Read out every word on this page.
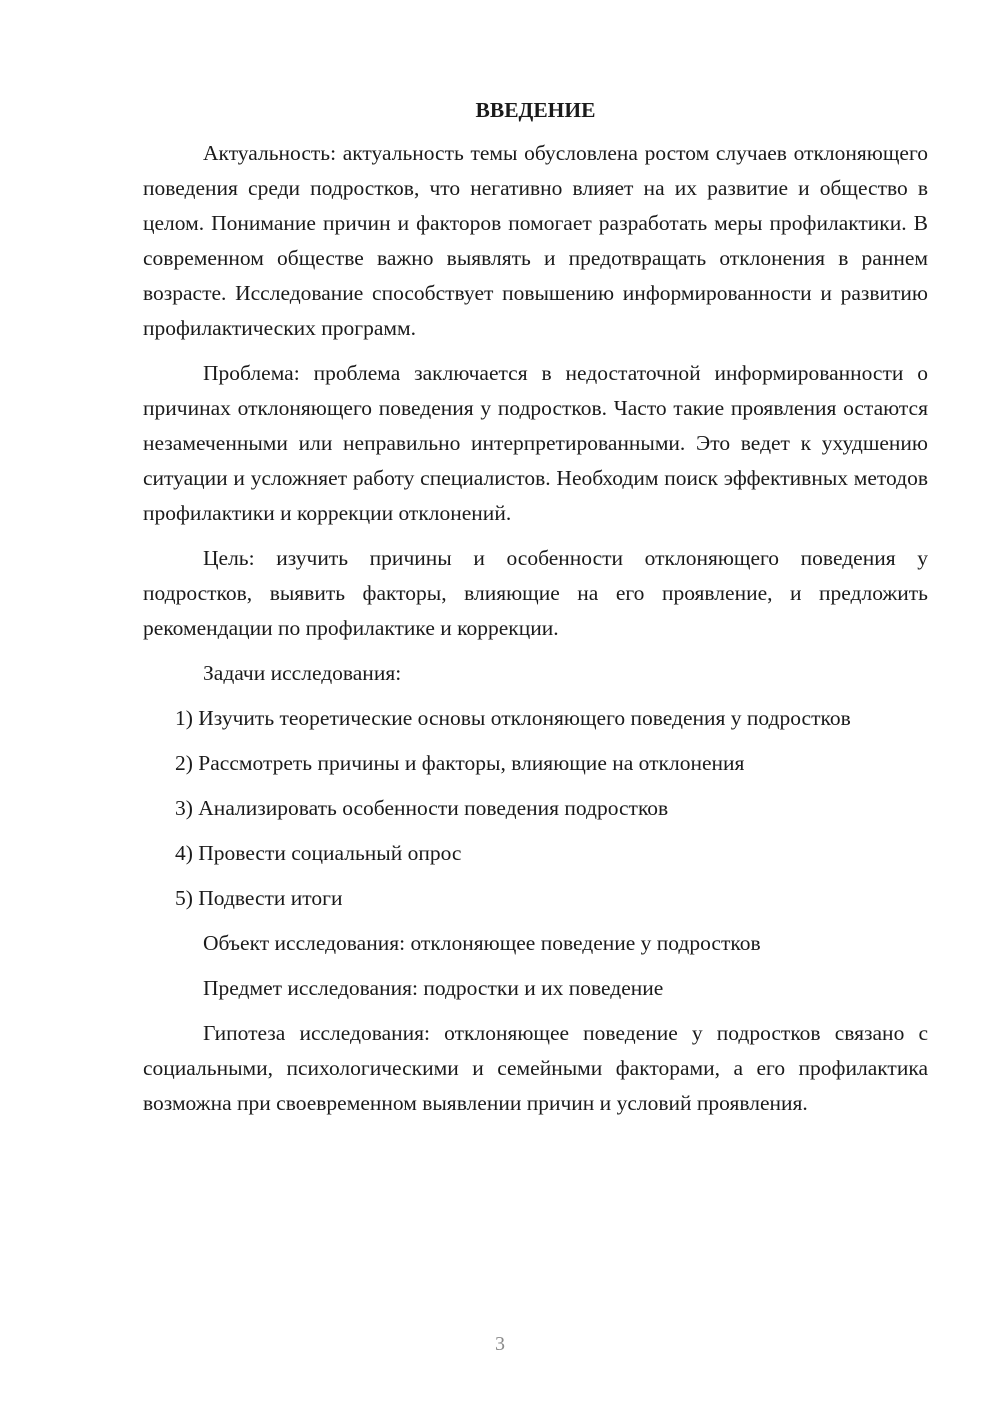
ВВЕДЕНИЕ

Актуальность: актуальность темы обусловлена ростом случаев отклоняющего поведения среди подростков, что негативно влияет на их развитие и общество в целом. Понимание причин и факторов помогает разработать меры профилактики. В современном обществе важно выявлять и предотвращать отклонения в раннем возрасте. Исследование способствует повышению информированности и развитию профилактических программ.

Проблема: проблема заключается в недостаточной информированности о причинах отклоняющего поведения у подростков. Часто такие проявления остаются незамеченными или неправильно интерпретированными. Это ведет к ухудшению ситуации и усложняет работу специалистов. Необходим поиск эффективных методов профилактики и коррекции отклонений.

Цель: изучить причины и особенности отклоняющего поведения у подростков, выявить факторы, влияющие на его проявление, и предложить рекомендации по профилактике и коррекции.

Задачи исследования:

1) Изучить теоретические основы отклоняющего поведения у подростков

2) Рассмотреть причины и факторы, влияющие на отклонения

3) Анализировать особенности поведения подростков

4) Провести социальный опрос

5) Подвести итоги

Объект исследования: отклоняющее поведение у подростков

Предмет исследования: подростки и их поведение

Гипотеза исследования: отклоняющее поведение у подростков связано с социальными, психологическими и семейными факторами, а его профилактика возможна при своевременном выявлении причин и условий проявления.

3
